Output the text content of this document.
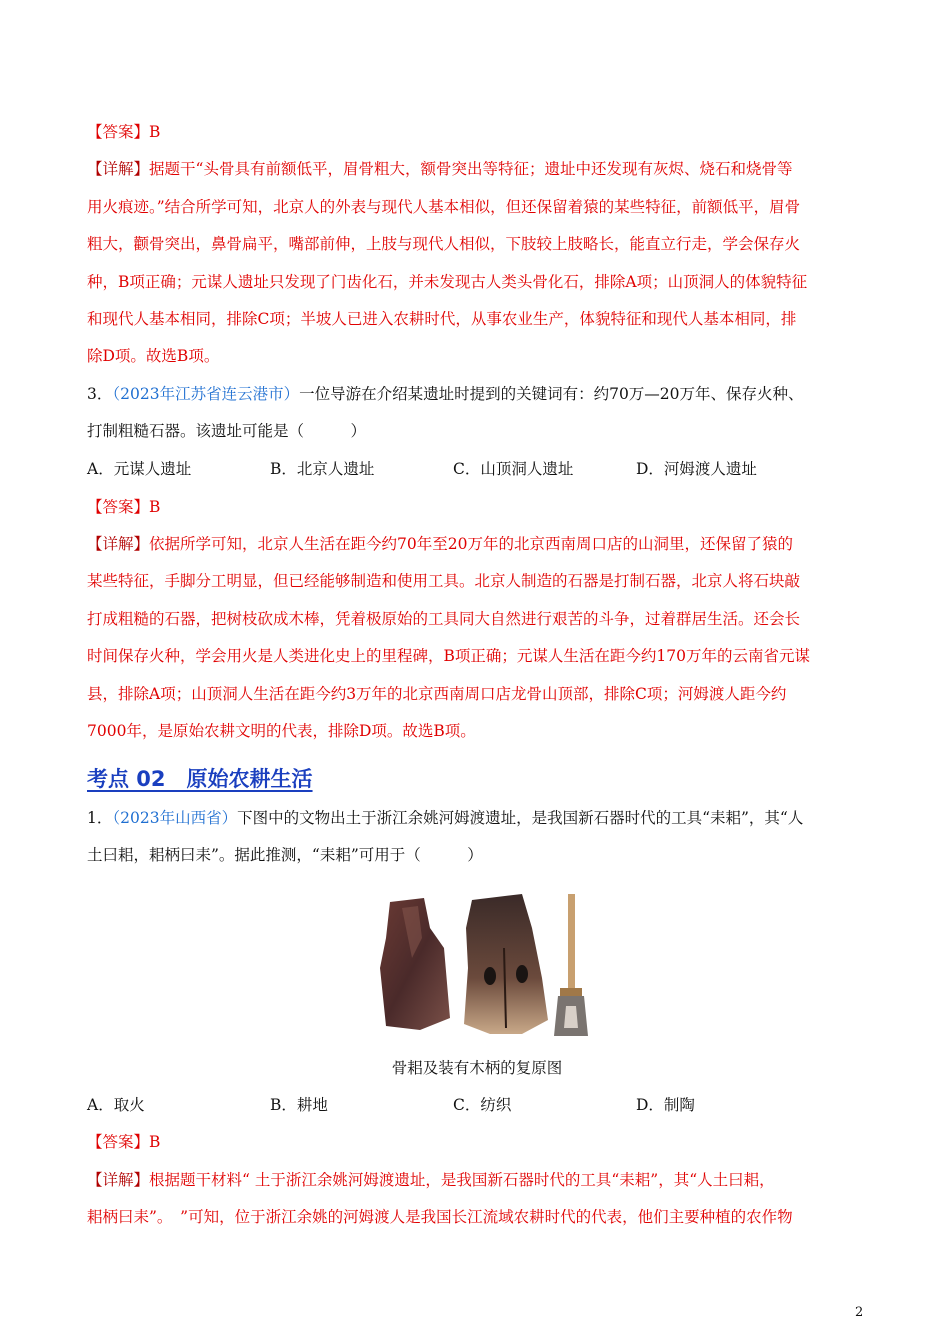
【答案】B
【详解】据题干“头骨具有前额低平，眉骨粗大，额骨突出等特征；遗址中还发现有灰烬、烧石和烧骨等
用火痕迹。”结合所学可知，北京人的外表与现代人基本相似，但还保留着猿的某些特征，前额低平，眉骨
粗大，颧骨突出，鼻骨扁平，嘴部前伸，上肢与现代人相似，下肢较上肢略长，能直立行走，学会保存火
种，B项正确；元谋人遗址只发现了门齿化石，并未发现古人类头骨化石，排除A项；山顶洞人的体貌特征
和现代人基本相同，排除C项；半坡人已进入农耕时代，从事农业生产，体貌特征和现代人基本相同，排
除D项。故选B项。
3．（2023年江苏省连云港市）一位导游在介绍某遗址时提到的关键词有：约70万—20万年、保存火种、
打制粗糙石器。该遗址可能是（　　　）
A．元谋人遗址	B．北京人遗址	C．山顶洞人遗址	D．河姆渡人遗址
【答案】B
【详解】依据所学可知，北京人生活在距今约70年至20万年的北京西南周口店的山洞里，还保留了猿的
某些特征，手脚分工明显，但已经能够制造和使用工具。北京人制造的石器是打制石器，北京人将石块敲
打成粗糙的石器，把树枝砍成木棒，凭着极原始的工具同大自然进行艰苦的斗争，过着群居生活。还会长
时间保存火种，学会用火是人类进化史上的里程碑，B项正确；元谋人生活在距今约170万年的云南省元谋
县，排除A项；山顶洞人生活在距今约3万年的北京西南周口店龙骨山顶部，排除C项；河姆渡人距今约
7000年，是原始农耕文明的代表，排除D项。故选B项。
考点 02　原始农耕生活
1．（2023年山西省）下图中的文物出土于浙江余姚河姆渡遗址，是我国新石器时代的工具“耒耜”，其“人
土曰耜，耜柄曰耒”。据此推测，“耒耜”可用于（　　　）
骨耜及装有木柄的复原图
A．取火	B．耕地	C．纺织	D．制陶
【答案】B
【详解】根据题干材料“ 土于浙江余姚河姆渡遗址，是我国新石器时代的工具“耒耜”，其“人土曰耜，
耜柄曰耒”。　”可知，位于浙江余姚的河姆渡人是我国长江流域农耕时代的代表，他们主要种植的农作物
2
